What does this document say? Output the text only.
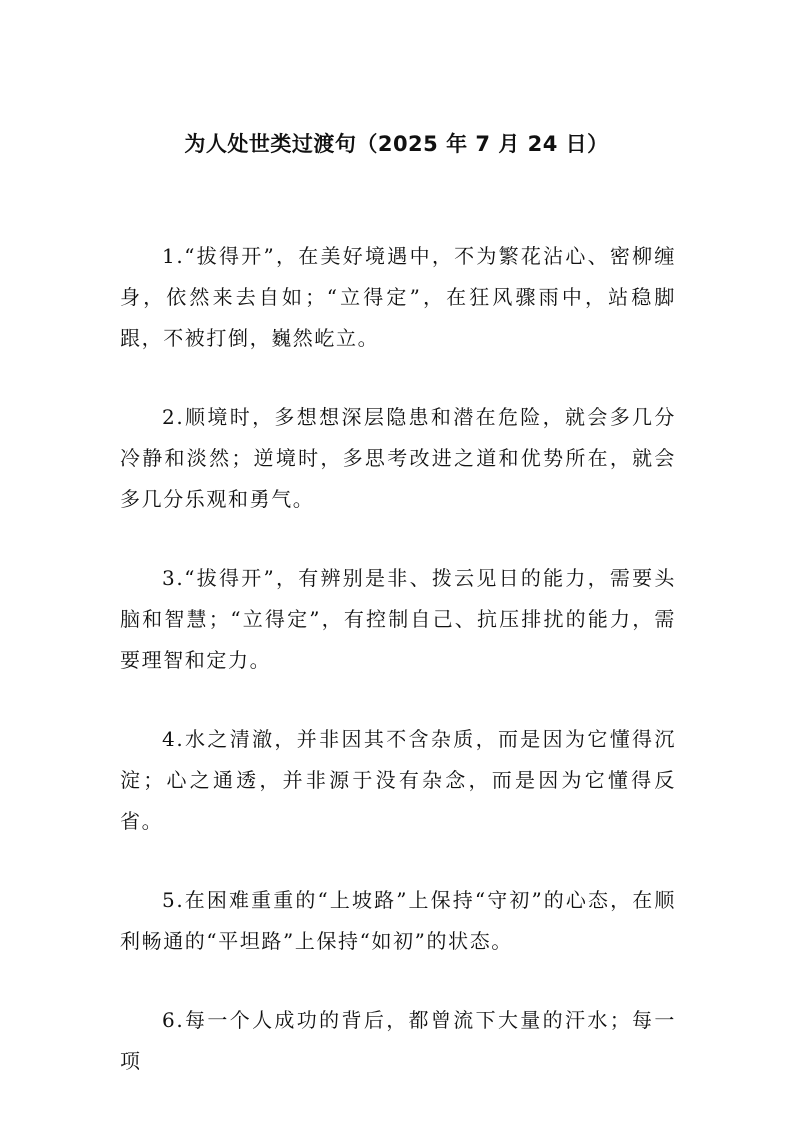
为人处世类过渡句（2025 年 7 月 24 日）

1.“拔得开”，在美好境遇中，不为繁花沾心、密柳缠身，依然来去自如；“立得定”，在狂风骤雨中，站稳脚跟，不被打倒，巍然屹立。

2.顺境时，多想想深层隐患和潜在危险，就会多几分冷静和淡然；逆境时，多思考改进之道和优势所在，就会多几分乐观和勇气。

3.“拔得开”，有辨别是非、拨云见日的能力，需要头脑和智慧；“立得定”，有控制自己、抗压排扰的能力，需要理智和定力。

4.水之清澈，并非因其不含杂质，而是因为它懂得沉淀；心之通透，并非源于没有杂念，而是因为它懂得反省。

5.在困难重重的“上坡路”上保持“守初”的心态，在顺利畅通的“平坦路”上保持“如初”的状态。

6.每一个人成功的背后，都曾流下大量的汗水；每一项
